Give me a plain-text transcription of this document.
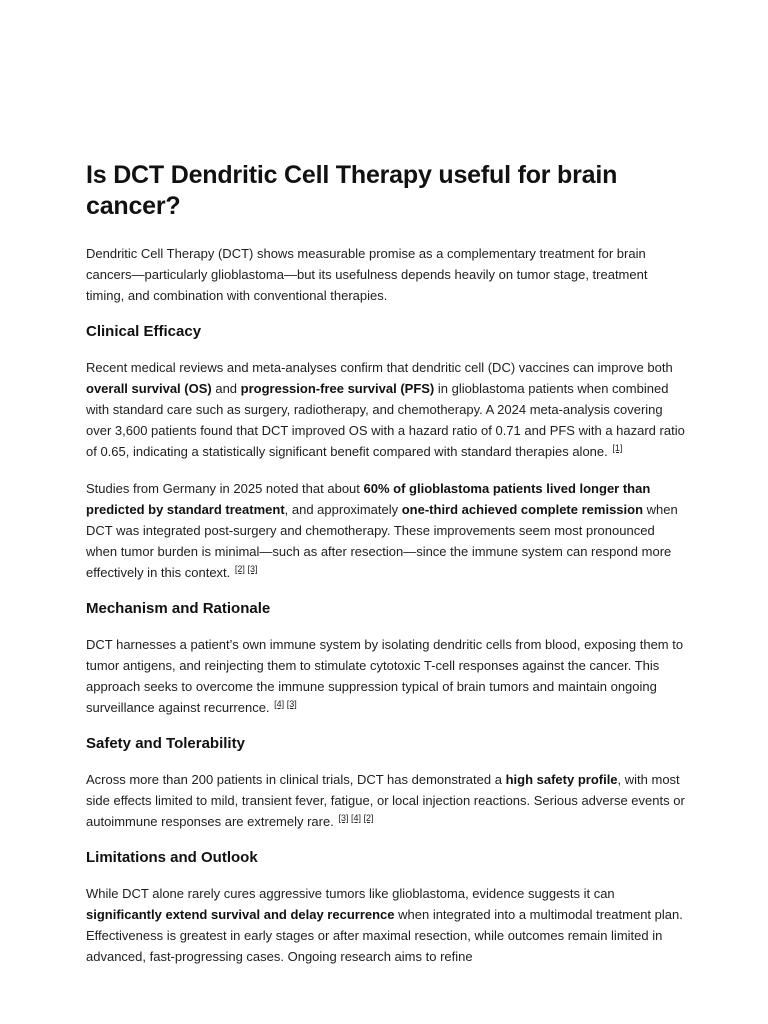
Is DCT Dendritic Cell Therapy useful for brain cancer?

Dendritic Cell Therapy (DCT) shows measurable promise as a complementary treatment for brain cancers—particularly glioblastoma—but its usefulness depends heavily on tumor stage, treatment timing, and combination with conventional therapies.

Clinical Efficacy

Recent medical reviews and meta-analyses confirm that dendritic cell (DC) vaccines can improve both overall survival (OS) and progression-free survival (PFS) in glioblastoma patients when combined with standard care such as surgery, radiotherapy, and chemotherapy. A 2024 meta-analysis covering over 3,600 patients found that DCT improved OS with a hazard ratio of 0.71 and PFS with a hazard ratio of 0.65, indicating a statistically significant benefit compared with standard therapies alone. [1]

Studies from Germany in 2025 noted that about 60% of glioblastoma patients lived longer than predicted by standard treatment, and approximately one-third achieved complete remission when DCT was integrated post-surgery and chemotherapy. These improvements seem most pronounced when tumor burden is minimal—such as after resection—since the immune system can respond more effectively in this context. [2] [3]

Mechanism and Rationale

DCT harnesses a patient’s own immune system by isolating dendritic cells from blood, exposing them to tumor antigens, and reinjecting them to stimulate cytotoxic T-cell responses against the cancer. This approach seeks to overcome the immune suppression typical of brain tumors and maintain ongoing surveillance against recurrence. [4] [3]

Safety and Tolerability

Across more than 200 patients in clinical trials, DCT has demonstrated a high safety profile, with most side effects limited to mild, transient fever, fatigue, or local injection reactions. Serious adverse events or autoimmune responses are extremely rare. [3] [4] [2]

Limitations and Outlook

While DCT alone rarely cures aggressive tumors like glioblastoma, evidence suggests it can significantly extend survival and delay recurrence when integrated into a multimodal treatment plan. Effectiveness is greatest in early stages or after maximal resection, while outcomes remain limited in advanced, fast-progressing cases. Ongoing research aims to refine
